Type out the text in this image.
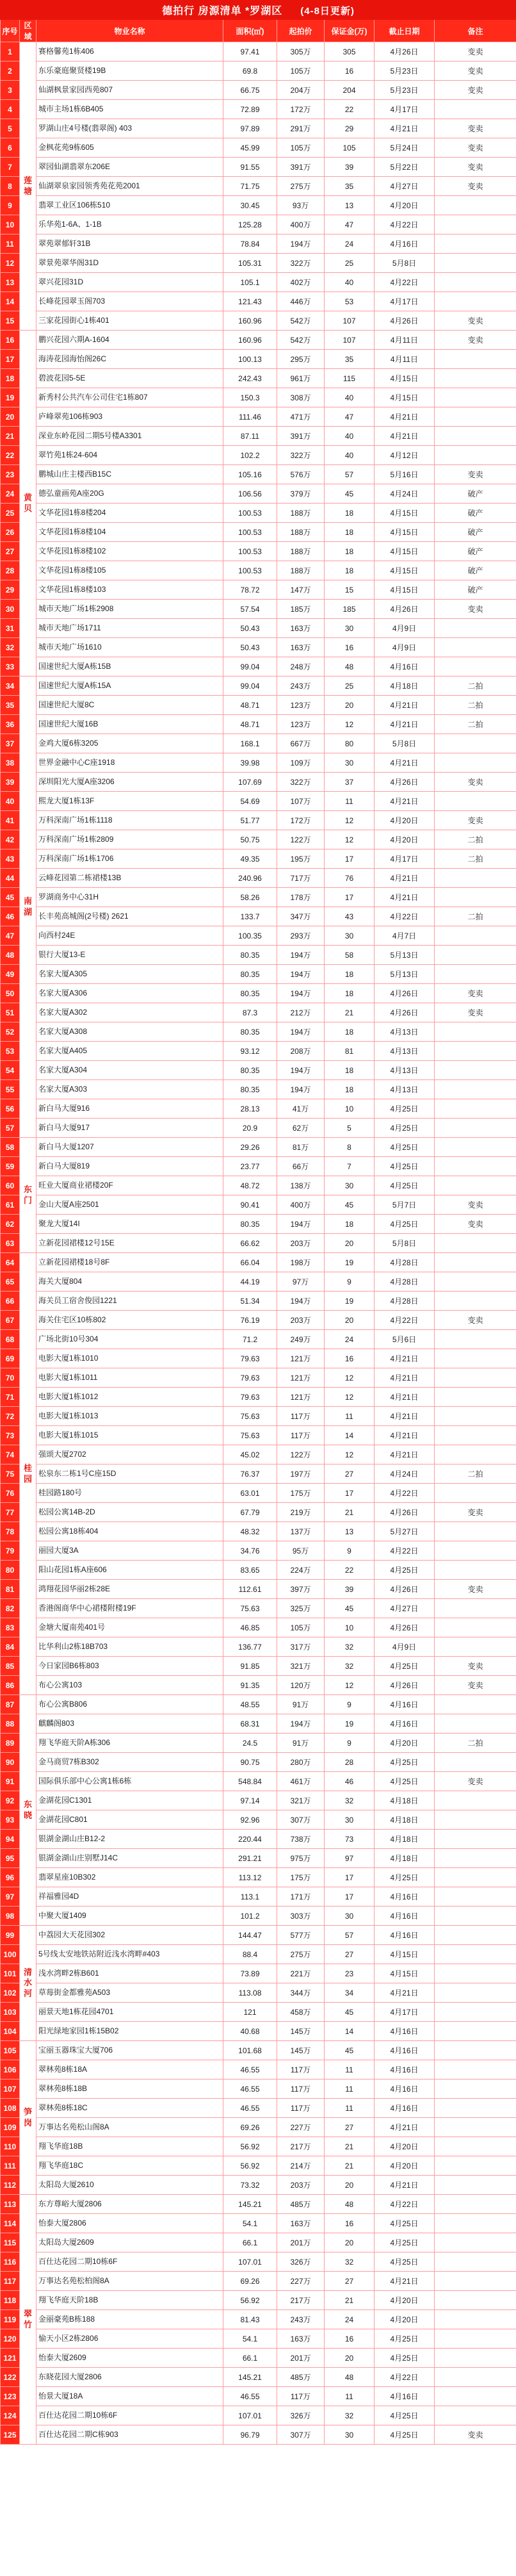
德拍行 房源清单 *罗湖区 (4-8日更新)							
序号	区域	物业名称	面积(㎡)	起拍价	保证金(万)	截止日期	备注
1	莲塘	赛格馨苑1栋406	97.41	305万	305	4月26日	变卖
2		东乐豪庭聚贤楼19B	69.8	105万	16	5月23日	变卖
3		仙湖枫景家园西苑807	66.75	204万	204	5月23日	变卖
4		城市主场1栋6B405	72.89	172万	22	4月17日	
5		罗湖山庄4号楼(翡翠阁) 403	97.89	291万	29	4月21日	变卖
6		金枫花苑9栋605	45.99	105万	105	5月24日	变卖
7		翠园仙湖翡翠东206E	91.55	391万	39	5月22日	变卖
8		仙湖翠泉家园领秀苑花苑2001	71.75	275万	35	4月27日	变卖
9		翡翠工业区106栋510	30.45	93万	13	4月20日	
10		乐华苑1-6A、1-1B	125.28	400万	47	4月22日	
11		翠苑翠郁轩31B	78.84	194万	24	4月16日	
12		翠景苑翠华阁31D	105.31	322万	25	5月8日	
13		翠兴花园31D	105.1	402万	40	4月22日	
14		长峰花园翠玉阁703	121.43	446万	53	4月17日	
15		三家花园街心1栋401	160.96	542万	107	4月26日	变卖
16	黄贝	鹏兴花园六期A-1604	160.96	542万	107	4月11日	变卖
17		海涛花园海怡阁26C	100.13	295万	35	4月11日	
18		碧波花园5-5E	242.43	961万	115	4月15日	
19		新秀村公共汽车公司住宅1栋807	150.3	308万	40	4月15日	
20		庐峰翠苑106栋903	111.46	471万	47	4月21日	
21		深业东岭花园二期5号楼A3301	87.11	391万	40	4月21日	
22		翠竹苑1栋24-604	102.2	322万	40	4月12日	
23		鹏城山庄主楼西B15C	105.16	576万	57	5月16日	变卖
24		德弘童画苑A座20G	106.56	379万	45	4月24日	破产
25		文华花园1栋8楼204	100.53	188万	18	4月15日	破产
26		文华花园1栋8楼104	100.53	188万	18	4月15日	破产
27		文华花园1栋8楼102	100.53	188万	18	4月15日	破产
28		文华花园1栋8楼105	100.53	188万	18	4月15日	破产
29		文华花园1栋8楼103	78.72	147万	15	4月15日	破产
30		城市天地广场1栋2908	57.54	185万	185	4月26日	变卖
31		城市天地广场1711	50.43	163万	30	4月9日	
32		城市天地广场1610	50.43	163万	16	4月9日	
33		国速世纪大厦A栋15B	99.04	248万	48	4月16日	
34	南湖	国速世纪大厦A栋15A	99.04	243万	25	4月18日	二拍
35		国速世纪大厦8C	48.71	123万	20	4月21日	二拍
36		国速世纪大厦16B	48.71	123万	12	4月21日	二拍
37		金鸡大厦6栋3205	168.1	667万	80	5月8日	
38		世界金融中心C座1918	39.98	109万	30	4月21日	
39		深圳阳光大厦A座3206	107.69	322万	37	4月26日	变卖
40		熙龙大厦1栋13F	54.69	107万	11	4月21日	
41		万科深南广场1栋1118	51.77	172万	12	4月20日	变卖
42		万科深南广场1栋2809	50.75	122万	12	4月20日	二拍
43		万科深南广场1栋1706	49.35	195万	17	4月17日	二拍
44		云峰花园第二栋裙楼13B	240.96	717万	76	4月21日	
45		罗湖商务中心31H	58.26	178万	17	4月21日	
46		长丰苑高城阁(2号楼) 2621	133.7	347万	43	4月22日	二拍
47		向西村24E	100.35	293万	30	4月7日	
48		银行大厦13-E	80.35	194万	58	5月13日	
49		名家大厦A305	80.35	194万	18	5月13日	
50		名家大厦A306	80.35	194万	18	4月26日	变卖
51		名家大厦A302	87.3	212万	21	4月26日	变卖
52		名家大厦A308	80.35	194万	18	4月13日	
53		名家大厦A405	93.12	208万	81	4月13日	
54		名家大厦A304	80.35	194万	18	4月13日	
55		名家大厦A303	80.35	194万	18	4月13日	
56		新白马大厦916	28.13	41万	10	4月25日	
57		新白马大厦917	20.9	62万	5	4月25日	
58	东门	新白马大厦1207	29.26	81万	8	4月25日	
59		新白马大厦819	23.77	66万	7	4月25日	
60		旺业大厦商业裙楼20F	48.72	138万	30	4月25日	
61		金山大厦A座2501	90.41	400万	45	5月7日	变卖
62		聚龙大厦14I	80.35	194万	18	4月25日	变卖
63		立新花园裙楼12号15E	66.62	203万	20	5月8日	
64	桂园	立新花园裙楼18号8F	66.04	198万	19	4月28日	
65		海关大厦804	44.19	97万	9	4月28日	
66		海关员工宿舍俊园1221	51.34	194万	19	4月28日	
67		海关住宅区10栋802	76.19	203万	20	4月22日	变卖
68		广场北街10号304	71.2	249万	24	5月6日	
69		电影大厦1栋1010	79.63	121万	16	4月21日	
70		电影大厦1栋1011	79.63	121万	12	4月21日	
71		电影大厦1栋1012	79.63	121万	12	4月21日	
72		电影大厦1栋1013	75.63	117万	11	4月21日	
73		电影大厦1栋1015	75.63	117万	14	4月21日	
74		强颂大厦2702	45.02	122万	12	4月21日	
75		松泉东二栋1号C座15D	76.37	197万	27	4月24日	二拍
76		桂园路180号	63.01	175万	17	4月22日	
77		松园公寓14B-2D	67.79	219万	21	4月26日	变卖
78		松园公寓18栋404	48.32	137万	13	5月27日	
79		丽园大厦3A	34.76	95万	9	4月22日	
80		阳山花园1栋A座606	83.65	224万	22	4月25日	
81		鸿翔花园华丽2栋28E	112.61	397万	39	4月26日	变卖
82		香港阁商华中心裙楼附楼19F	75.63	325万	45	4月27日	
83		金塘大厦南苑401号	46.85	105万	10	4月26日	
84		比华利山2栋18B703	136.77	317万	32	4月9日	
85		今日家园B6栋803	91.85	321万	32	4月25日	变卖
86		布心公寓103	91.35	120万	12	4月26日	变卖
87	东晓	布心公寓B806	48.55	91万	9	4月16日	
88		麒麟阁803	68.31	194万	19	4月16日	
89		翔飞华庭天阶A栋306	24.5	91万	9	4月20日	二拍
90		金马商贸7栋B302	90.75	280万	28	4月25日	
91		国际俱乐部中心公寓1栋6栋	548.84	461万	46	4月25日	变卖
92		金湖花园C1301	97.14	321万	32	4月18日	
93		金湖花园C801	92.96	307万	30	4月18日	
94		银湖金湖山庄B12-2	220.44	738万	73	4月18日	
95		银湖金湖山庄别墅J14C	291.21	975万	97	4月18日	
96		翡翠星座10B302	113.12	175万	17	4月25日	
97		祥福雅园4D	113.1	171万	17	4月16日	
98		中聚大厦1409	101.2	303万	30	4月16日	
99	清水河	中荔园大天花园302	144.47	577万	57	4月16日	
100		5号线太安地铁站附近浅水湾畔#403	88.4	275万	27	4月15日	
101		浅水湾畔2栋B601	73.89	221万	23	4月15日	
102		草莓街金都雅苑A503	113.08	344万	34	4月21日	
103		丽景天地1栋花园4701	121	458万	45	4月17日	
104		阳光绿地家园1栋15B02	40.68	145万	14	4月16日	
105	笋岗	宝丽玉器珠宝大厦706	101.68	145万	45	4月16日	
106		翠林苑8栋18A	46.55	117万	11	4月16日	
107		翠林苑8栋18B	46.55	117万	11	4月16日	
108		翠林苑8栋18C	46.55	117万	11	4月16日	
109		万事达名苑松山阁8A	69.26	227万	27	4月21日	
110		翔飞华庭18B	56.92	217万	21	4月20日	
111		翔飞华庭18C	56.92	214万	21	4月20日	
112		太阳岛大厦2610	73.32	203万	20	4月21日	
113	翠竹	东方尊峪大厦2806	145.21	485万	48	4月22日	
114		怡泰大厦2806	54.1	163万	16	4月25日	
115		太阳岛大厦2609	66.1	201万	20	4月25日	
116		百仕达花园二期10栋6F	107.01	326万	32	4月25日	
117		万事达名苑松柏阁8A	69.26	227万	27	4月21日	
118		翔飞华庭天阶18B	56.92	217万	21	4月20日	
119		金丽豪苑B栋188	81.43	243万	24	4月20日	
120		愉天小区2栋2806	54.1	163万	16	4月25日	
121		怡泰大厦2609	66.1	201万	20	4月25日	
122		东晓花园大厦2806	145.21	485万	48	4月22日	
123		怡景大厦18A	46.55	117万	11	4月16日	
124		百仕达花园二期10栋6F	107.01	326万	32	4月25日	
125		百仕达花园二期C栋903	96.79	307万	30	4月25日	变卖
